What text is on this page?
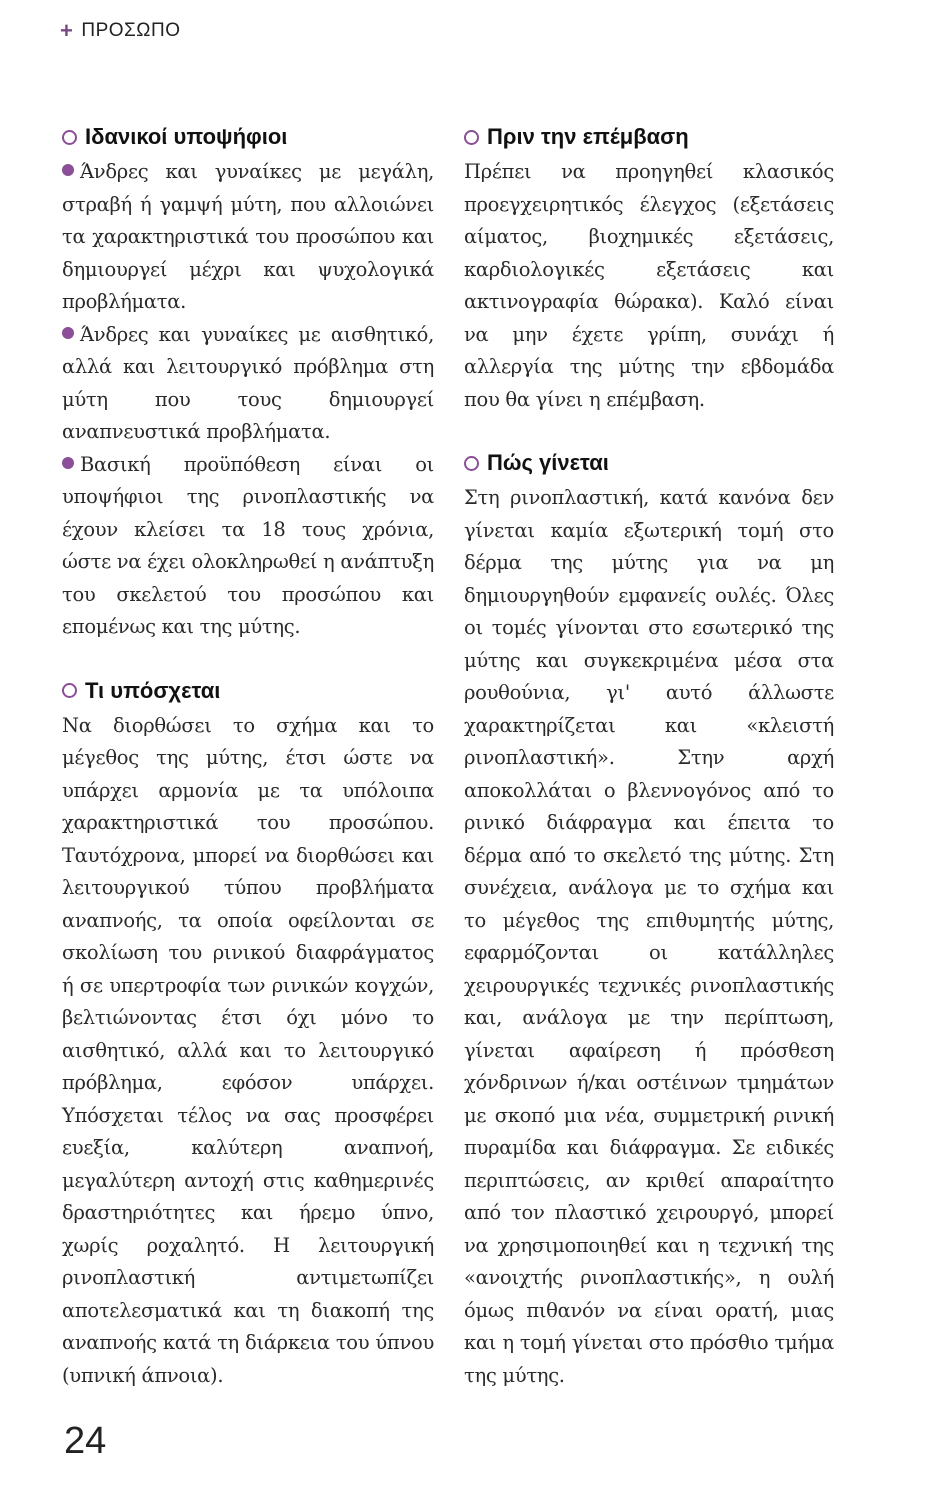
+ ΠΡΟΣΩΠΟ
Ιδανικοί υποψήφιοι

Άνδρες και γυναίκες με μεγάλη, στραβή ή γαμψή μύτη, που αλλοιώνει τα χαρακτηριστικά του προσώπου και δημιουργεί μέχρι και ψυχολογικά προβλήματα.

Άνδρες και γυναίκες με αισθητικό, αλλά και λειτουργικό πρόβλημα στη μύτη που τους δημιουργεί αναπνευστικά προβλήματα.

Βασική προϋπόθεση είναι οι υποψήφιοι της ρινοπλαστικής να έχουν κλείσει τα 18 τους χρόνια, ώστε να έχει ολοκληρωθεί η ανάπτυξη του σκελετού του προσώπου και επομένως και της μύτης.

Τι υπόσχεται

Να διορθώσει το σχήμα και το μέγεθος της μύτης, έτσι ώστε να υπάρχει αρμονία με τα υπόλοιπα χαρακτηριστικά του προσώπου. Ταυτόχρονα, μπορεί να διορθώσει και λειτουργικού τύπου προβλήματα αναπνοής, τα οποία οφείλονται σε σκολίωση του ρινικού διαφράγματος ή σε υπερτροφία των ρινικών κογχών, βελτιώνοντας έτσι όχι μόνο το αισθητικό, αλλά και το λειτουργικό πρόβλημα, εφόσον υπάρχει. Υπόσχεται τέλος να σας προσφέρει ευεξία, καλύτερη αναπνοή, μεγαλύτερη αντοχή στις καθημερινές δραστηριότητες και ήρεμο ύπνο, χωρίς ροχαλητό. Η λειτουργική ρινοπλαστική αντιμετωπίζει αποτελεσματικά και τη διακοπή της αναπνοής κατά τη διάρκεια του ύπνου (υπνική άπνοια).

Πριν την επέμβαση

Πρέπει να προηγηθεί κλασικός προεγχειρητικός έλεγχος (εξετάσεις αίματος, βιοχημικές εξετάσεις, καρδιολογικές εξετάσεις και ακτινογραφία θώρακα). Καλό είναι να μην έχετε γρίπη, συνάχι ή αλλεργία της μύτης την εβδομάδα που θα γίνει η επέμβαση.

Πώς γίνεται

Στη ρινοπλαστική, κατά κανόνα δεν γίνεται καμία εξωτερική τομή στο δέρμα της μύτης για να μη δημιουργηθούν εμφανείς ουλές. Όλες οι τομές γίνονται στο εσωτερικό της μύτης και συγκεκριμένα μέσα στα ρουθούνια, γι' αυτό άλλωστε χαρακτηρίζεται και «κλειστή ρινοπλαστική». Στην αρχή αποκολλάται ο βλεννογόνος από το ρινικό διάφραγμα και έπειτα το δέρμα από το σκελετό της μύτης. Στη συνέχεια, ανάλογα με το σχήμα και το μέγεθος της επιθυμητής μύτης, εφαρμόζονται οι κατάλληλες χειρουργικές τεχνικές ρινοπλαστικής και, ανάλογα με την περίπτωση, γίνεται αφαίρεση ή πρόσθεση χόνδρινων ή/και οστέινων τμημάτων με σκοπό μια νέα, συμμετρική ρινική πυραμίδα και διάφραγμα. Σε ειδικές περιπτώσεις, αν κριθεί απαραίτητο από τον πλαστικό χειρουργό, μπορεί να χρησιμοποιηθεί και η τεχνική της «ανοιχτής ρινοπλαστικής», η ουλή όμως πιθανόν να είναι ορατή, μιας και η τομή γίνεται στο πρόσθιο τμήμα της μύτης.

24
